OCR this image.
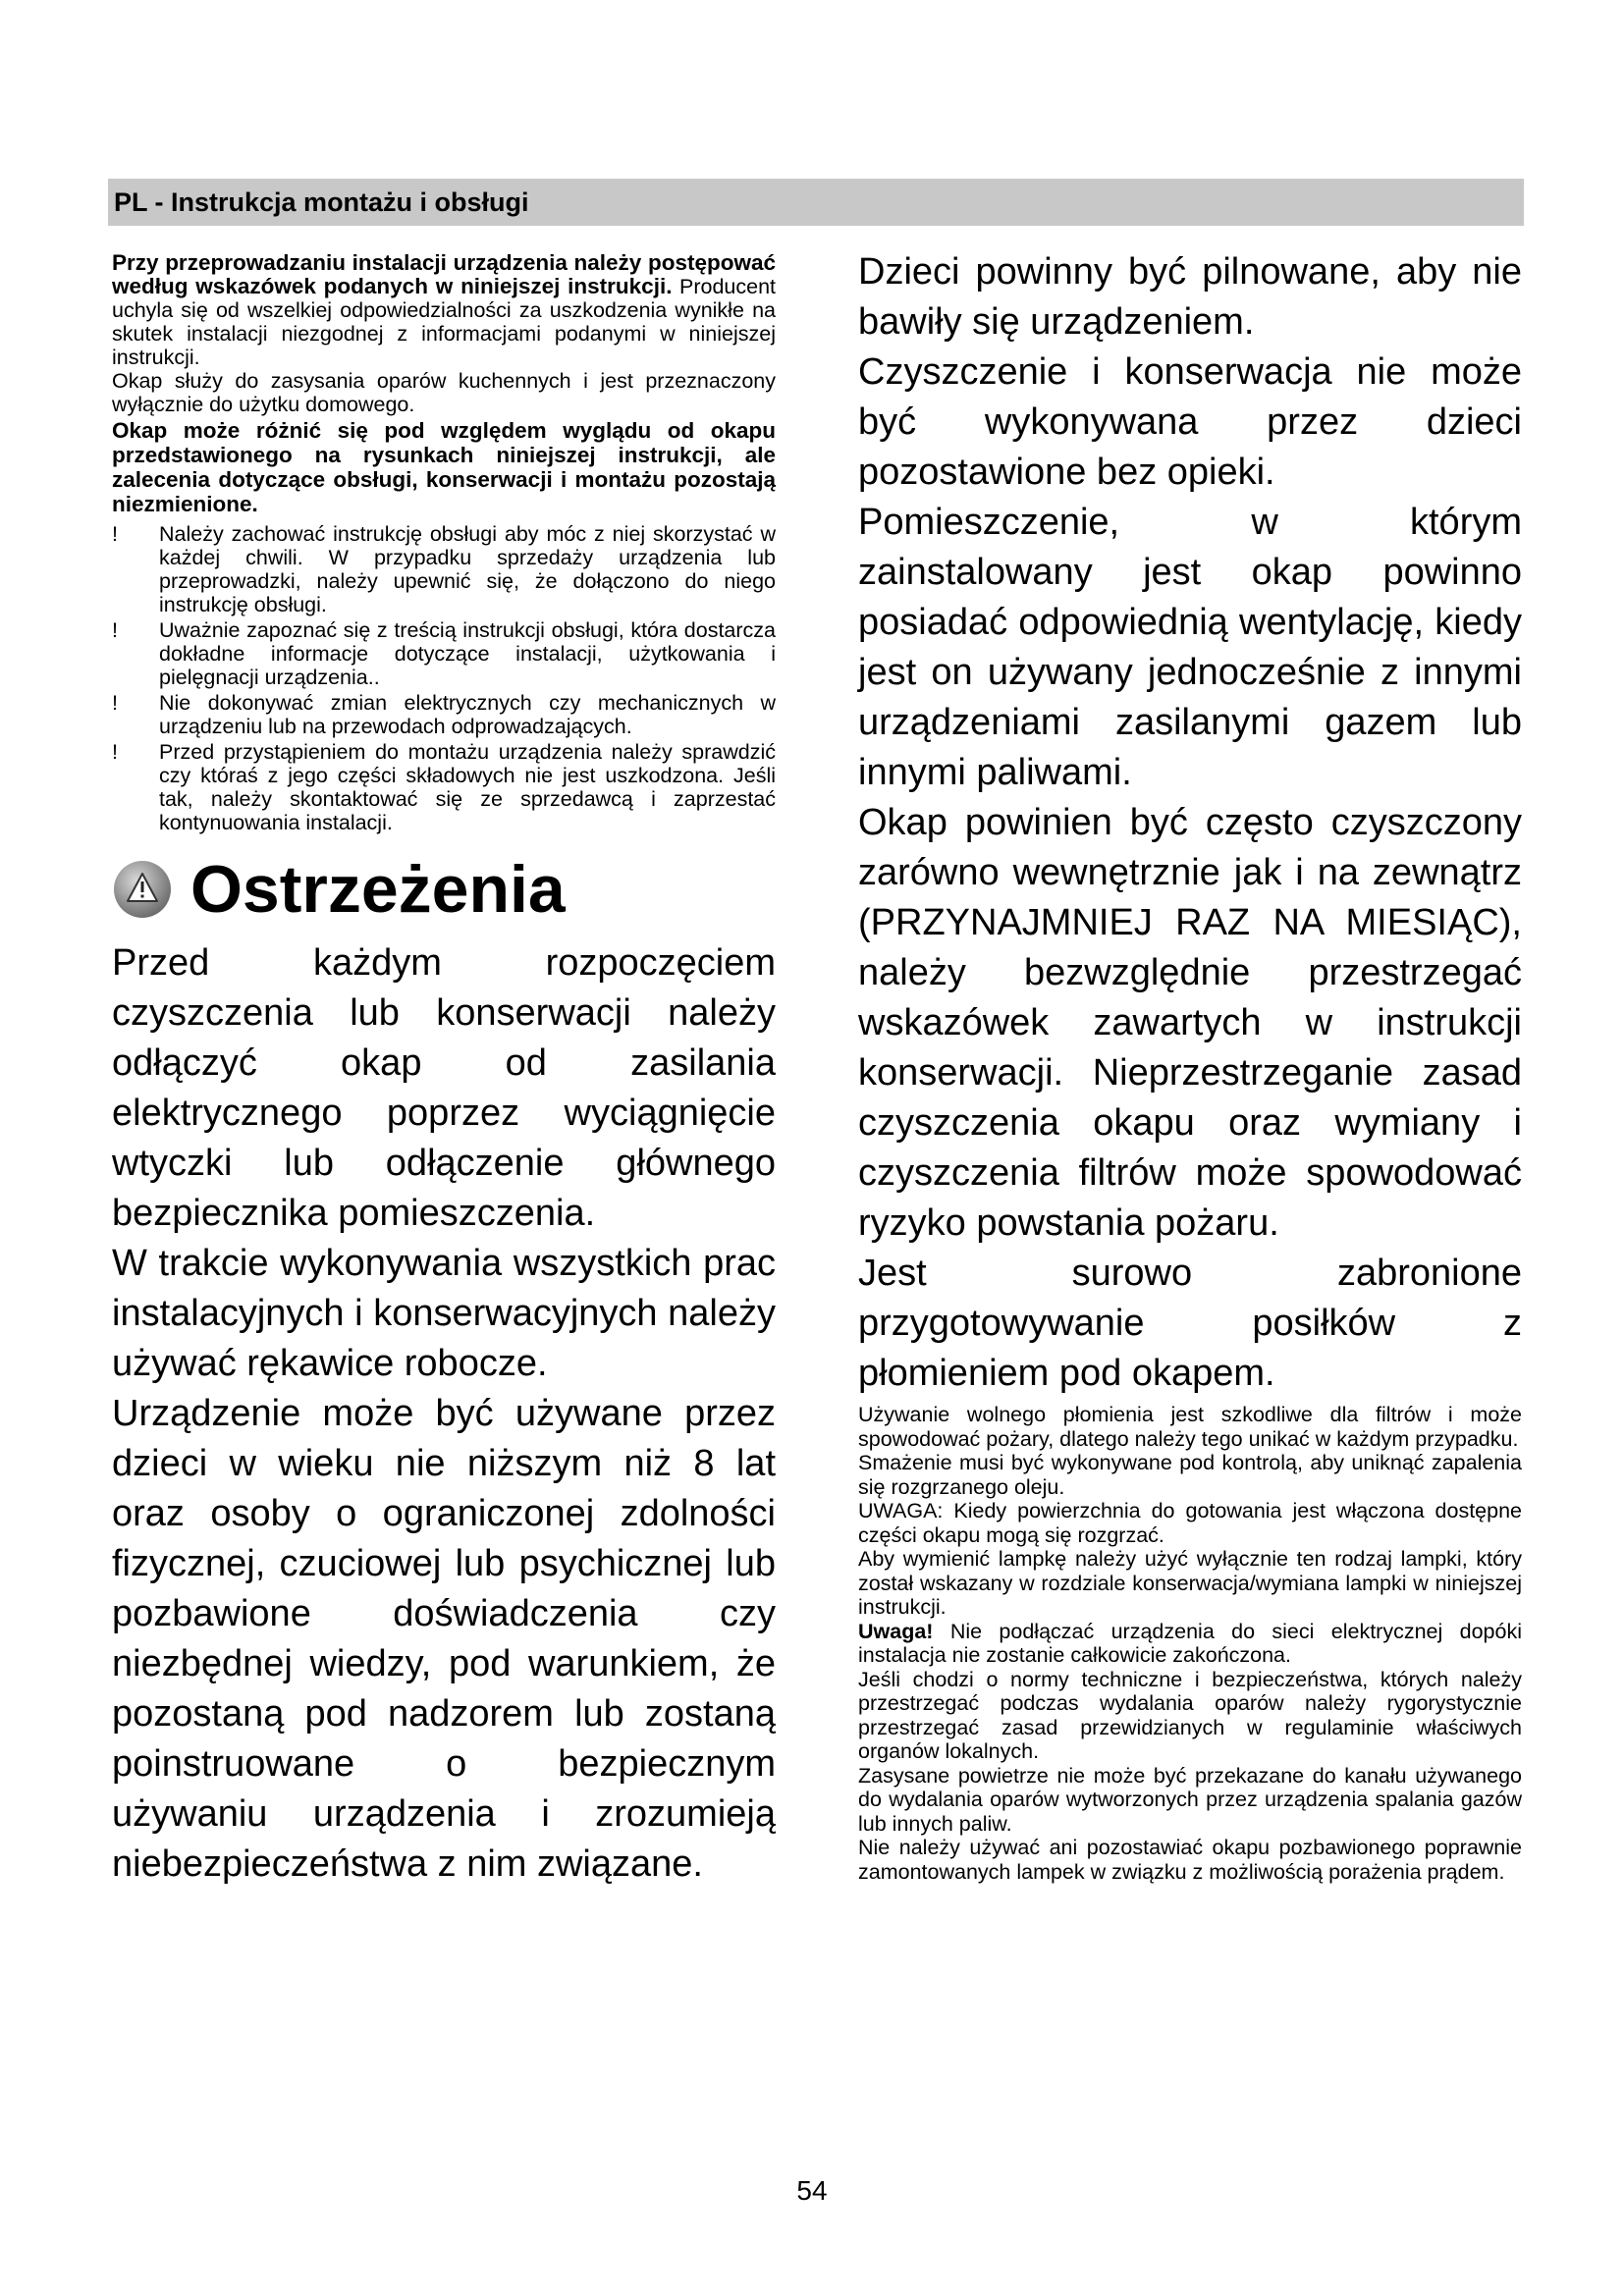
PL - Instrukcja montażu i obsługi

Przy przeprowadzaniu instalacji urządzenia należy postępować według wskazówek podanych w niniejszej instrukcji. Producent uchyla się od wszelkiej odpowiedzialności za uszkodzenia wynikłe na skutek instalacji niezgodnej z informacjami podanymi w niniejszej instrukcji.

Okap służy do zasysania oparów kuchennych i jest przeznaczony wyłącznie do użytku domowego.

Okap może różnić się pod względem wyglądu od okapu przedstawionego na rysunkach niniejszej instrukcji, ale zalecenia dotyczące obsługi, konserwacji i montażu pozostają niezmienione.

! Należy zachować instrukcję obsługi aby móc z niej skorzystać w każdej chwili. W przypadku sprzedaży urządzenia lub przeprowadzki, należy upewnić się, że dołączono do niego instrukcję obsługi.
! Uważnie zapoznać się z treścią instrukcji obsługi, która dostarcza dokładne informacje dotyczące instalacji, użytkowania i pielęgnacji urządzenia..
! Nie dokonywać zmian elektrycznych czy mechanicznych w urządzeniu lub na przewodach odprowadzających.
! Przed przystąpieniem do montażu urządzenia należy sprawdzić czy któraś z jego części składowych nie jest uszkodzona. Jeśli tak, należy skontaktować się ze sprzedawcą i zaprzestać kontynuowania instalacji.
Ostrzeżenia

Przed każdym rozpoczęciem czyszczenia lub konserwacji należy odłączyć okap od zasilania elektrycznego poprzez wyciągnięcie wtyczki lub odłączenie głównego bezpiecznika pomieszczenia.

W trakcie wykonywania wszystkich prac instalacyjnych i konserwacyjnych należy używać rękawice robocze.

Urządzenie może być używane przez dzieci w wieku nie niższym niż 8 lat oraz osoby o ograniczonej zdolności fizycznej, czuciowej lub psychicznej lub pozbawione doświadczenia czy niezbędnej wiedzy, pod warunkiem, że pozostaną pod nadzorem lub zostaną poinstruowane o bezpiecznym używaniu urządzenia i zrozumieją niebezpieczeństwa z nim związane.

Dzieci powinny być pilnowane, aby nie bawiły się urządzeniem.

Czyszczenie i konserwacja nie może być wykonywana przez dzieci pozostawione bez opieki.

Pomieszczenie, w którym zainstalowany jest okap powinno posiadać odpowiednią wentylację, kiedy jest on używany jednocześnie z innymi urządzeniami zasilanymi gazem lub innymi paliwami.

Okap powinien być często czyszczony zarówno wewnętrznie jak i na zewnątrz (PRZYNAJMNIEJ RAZ NA MIESIĄC), należy bezwzględnie przestrzegać wskazówek zawartych w instrukcji konserwacji. Nieprzestrzeganie zasad czyszczenia okapu oraz wymiany i czyszczenia filtrów może spowodować ryzyko powstania pożaru.

Jest surowo zabronione przygotowywanie posiłków z płomieniem pod okapem.

Używanie wolnego płomienia jest szkodliwe dla filtrów i może spowodować pożary, dlatego należy tego unikać w każdym przypadku.

Smażenie musi być wykonywane pod kontrolą, aby uniknąć zapalenia się rozgrzanego oleju.

UWAGA: Kiedy powierzchnia do gotowania jest włączona dostępne części okapu mogą się rozgrzać.

Aby wymienić lampkę należy użyć wyłącznie ten rodzaj lampki, który został wskazany w rozdziale konserwacja/wymiana lampki w niniejszej instrukcji.

Uwaga! Nie podłączać urządzenia do sieci elektrycznej dopóki instalacja nie zostanie całkowicie zakończona.

Jeśli chodzi o normy techniczne i bezpieczeństwa, których należy przestrzegać podczas wydalania oparów należy rygorystycznie przestrzegać zasad przewidzianych w regulaminie właściwych organów lokalnych.

Zasysane powietrze nie może być przekazane do kanału używanego do wydalania oparów wytworzonych przez urządzenia spalania gazów lub innych paliw.

Nie należy używać ani pozostawiać okapu pozbawionego poprawnie zamontowanych lampek w związku z możliwością porażenia prądem.

54
